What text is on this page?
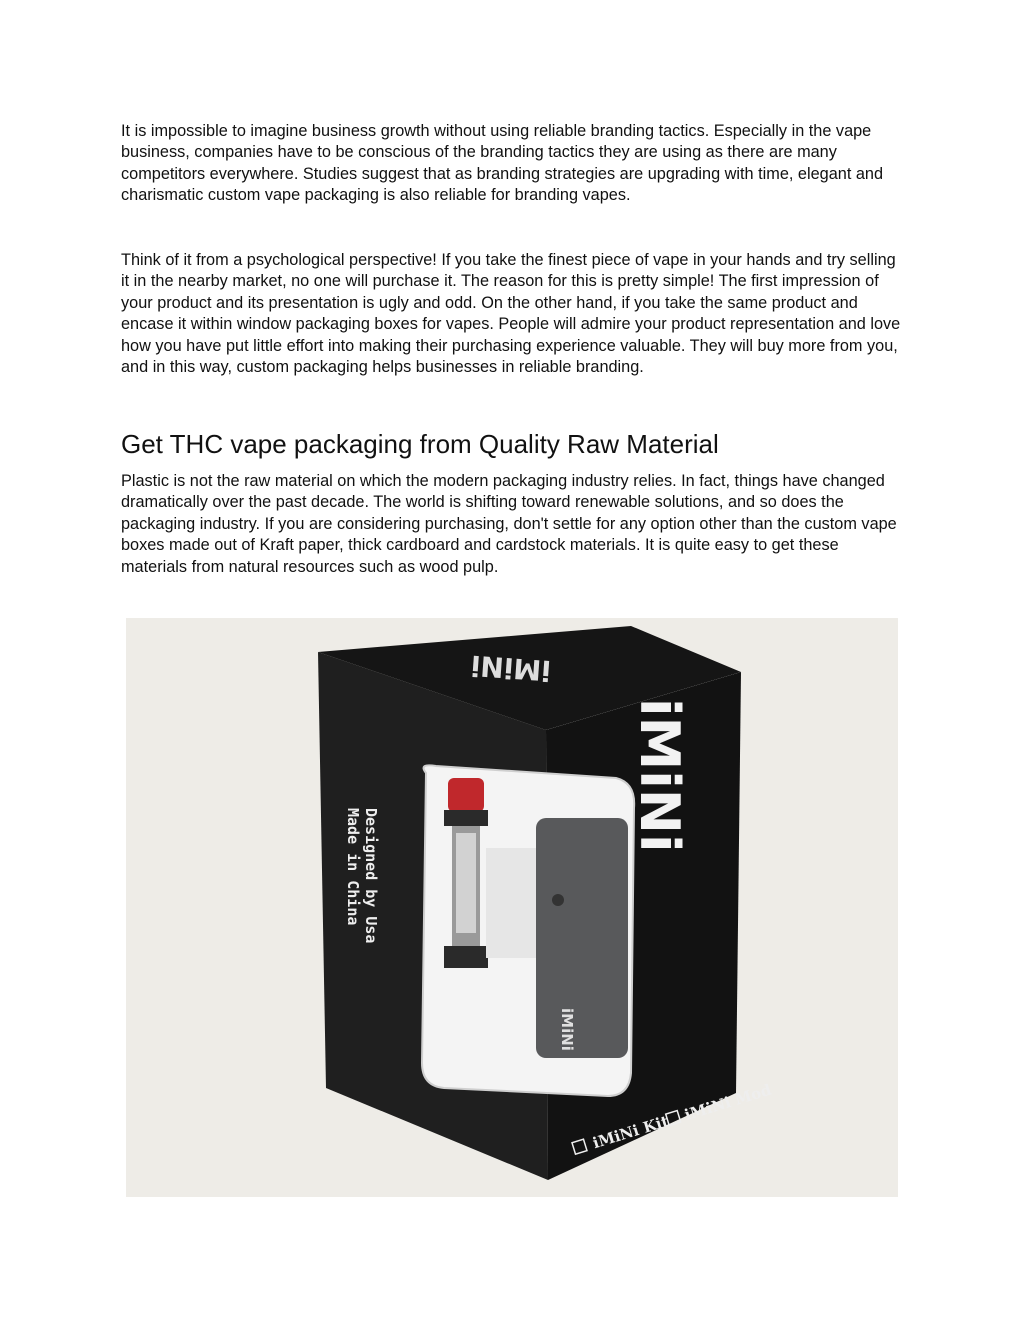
It is impossible to imagine business growth without using reliable branding tactics. Especially in the vape business, companies have to be conscious of the branding tactics they are using as there are many competitors everywhere. Studies suggest that as branding strategies are upgrading with time, elegant and charismatic custom vape packaging is also reliable for branding vapes.

Think of it from a psychological perspective! If you take the finest piece of vape in your hands and try selling it in the nearby market, no one will purchase it. The reason for this is pretty simple! The first impression of your product and its presentation is ugly and odd. On the other hand, if you take the same product and encase it within window packaging boxes for vapes. People will admire your product representation and love how you have put little effort into making their purchasing experience valuable. They will buy more from you, and in this way, custom packaging helps businesses in reliable branding.

Get THC vape packaging from Quality Raw Material

Plastic is not the raw material on which the modern packaging industry relies. In fact, things have changed dramatically over the past decade. The world is shifting toward renewable solutions, and so does the packaging industry. If you are considering purchasing, don't settle for any option other than the custom vape boxes made out of Kraft paper, thick cardboard and cardstock materials. It is quite easy to get these materials from natural resources such as wood pulp.

iMiNi
iMiNi
iMiNi
Designed by Usa
Made in China
iMiNi Kit
iMiNi Mod
